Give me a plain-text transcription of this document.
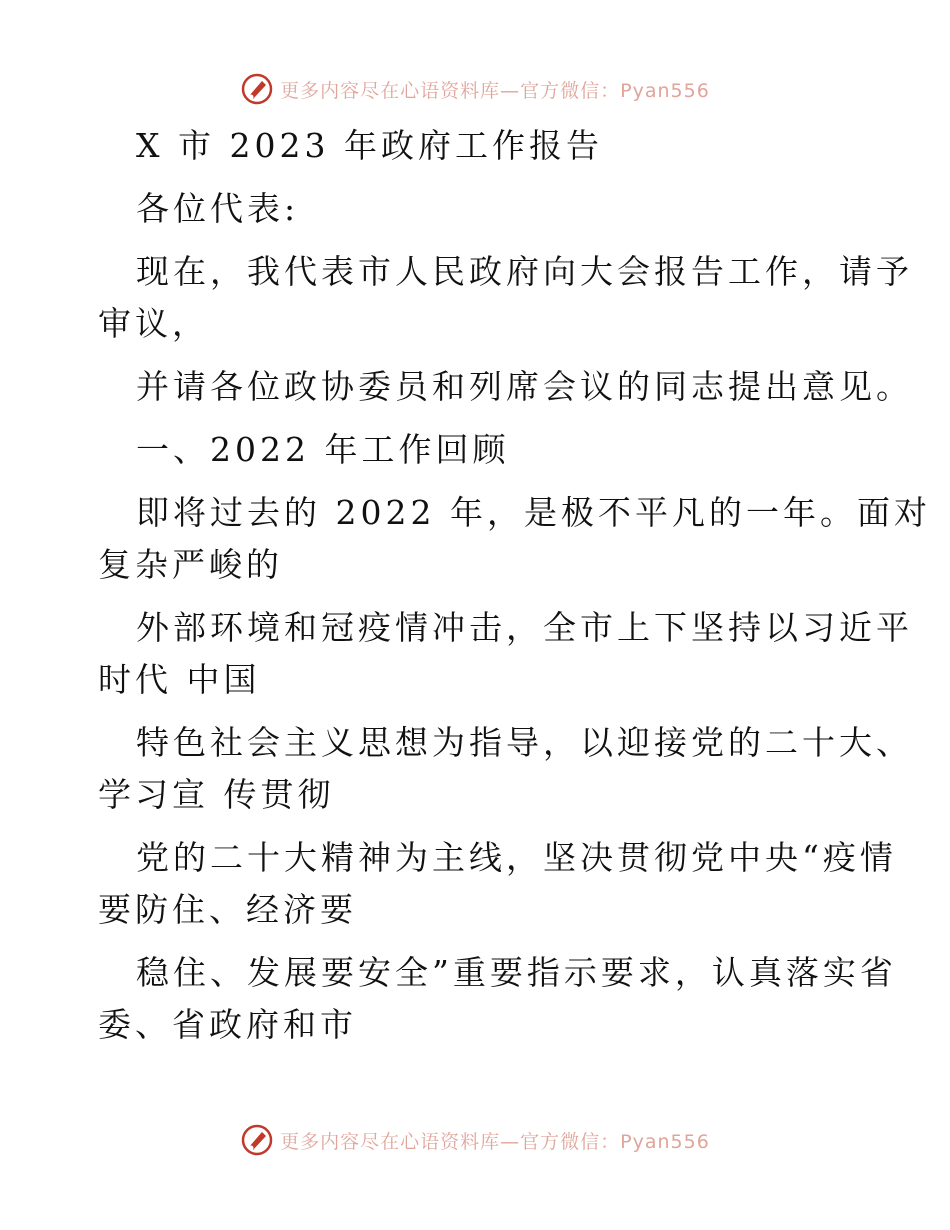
更多内容尽在心语资料库—官方微信：Pyan556
X 市 2023 年政府工作报告
各位代表:
现在，我代表市人民政府向大会报告工作，请予
审议，
并请各位政协委员和列席会议的同志提出意见。
一、2022 年工作回顾
即将过去的 2022 年，是极不平凡的一年。面对
复杂严峻的
外部环境和冠疫情冲击，全市上下坚持以习近平
时代 中国
特色社会主义思想为指导，以迎接党的二十大、
学习宣 传贯彻
党的二十大精神为主线，坚决贯彻党中央“疫情
要防住、经济要
稳住、发展要安全”重要指示要求，认真落实省
委、省政府和市
更多内容尽在心语资料库—官方微信：Pyan556
